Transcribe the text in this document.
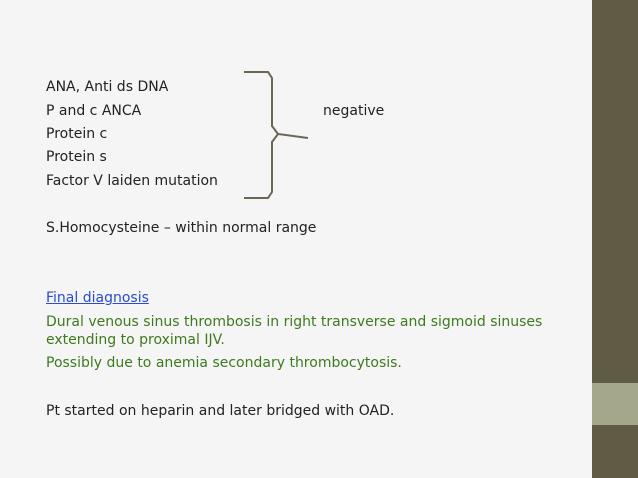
ANA, Anti ds DNA
P and c ANCA
Protein c
Protein s
Factor V laiden mutation
negative
S.Homocysteine – within normal range
Final diagnosis
Dural venous sinus thrombosis in right transverse and sigmoid sinuses extending to proximal IJV.
Possibly due to anemia secondary thrombocytosis.
Pt started on heparin and later bridged with OAD.
